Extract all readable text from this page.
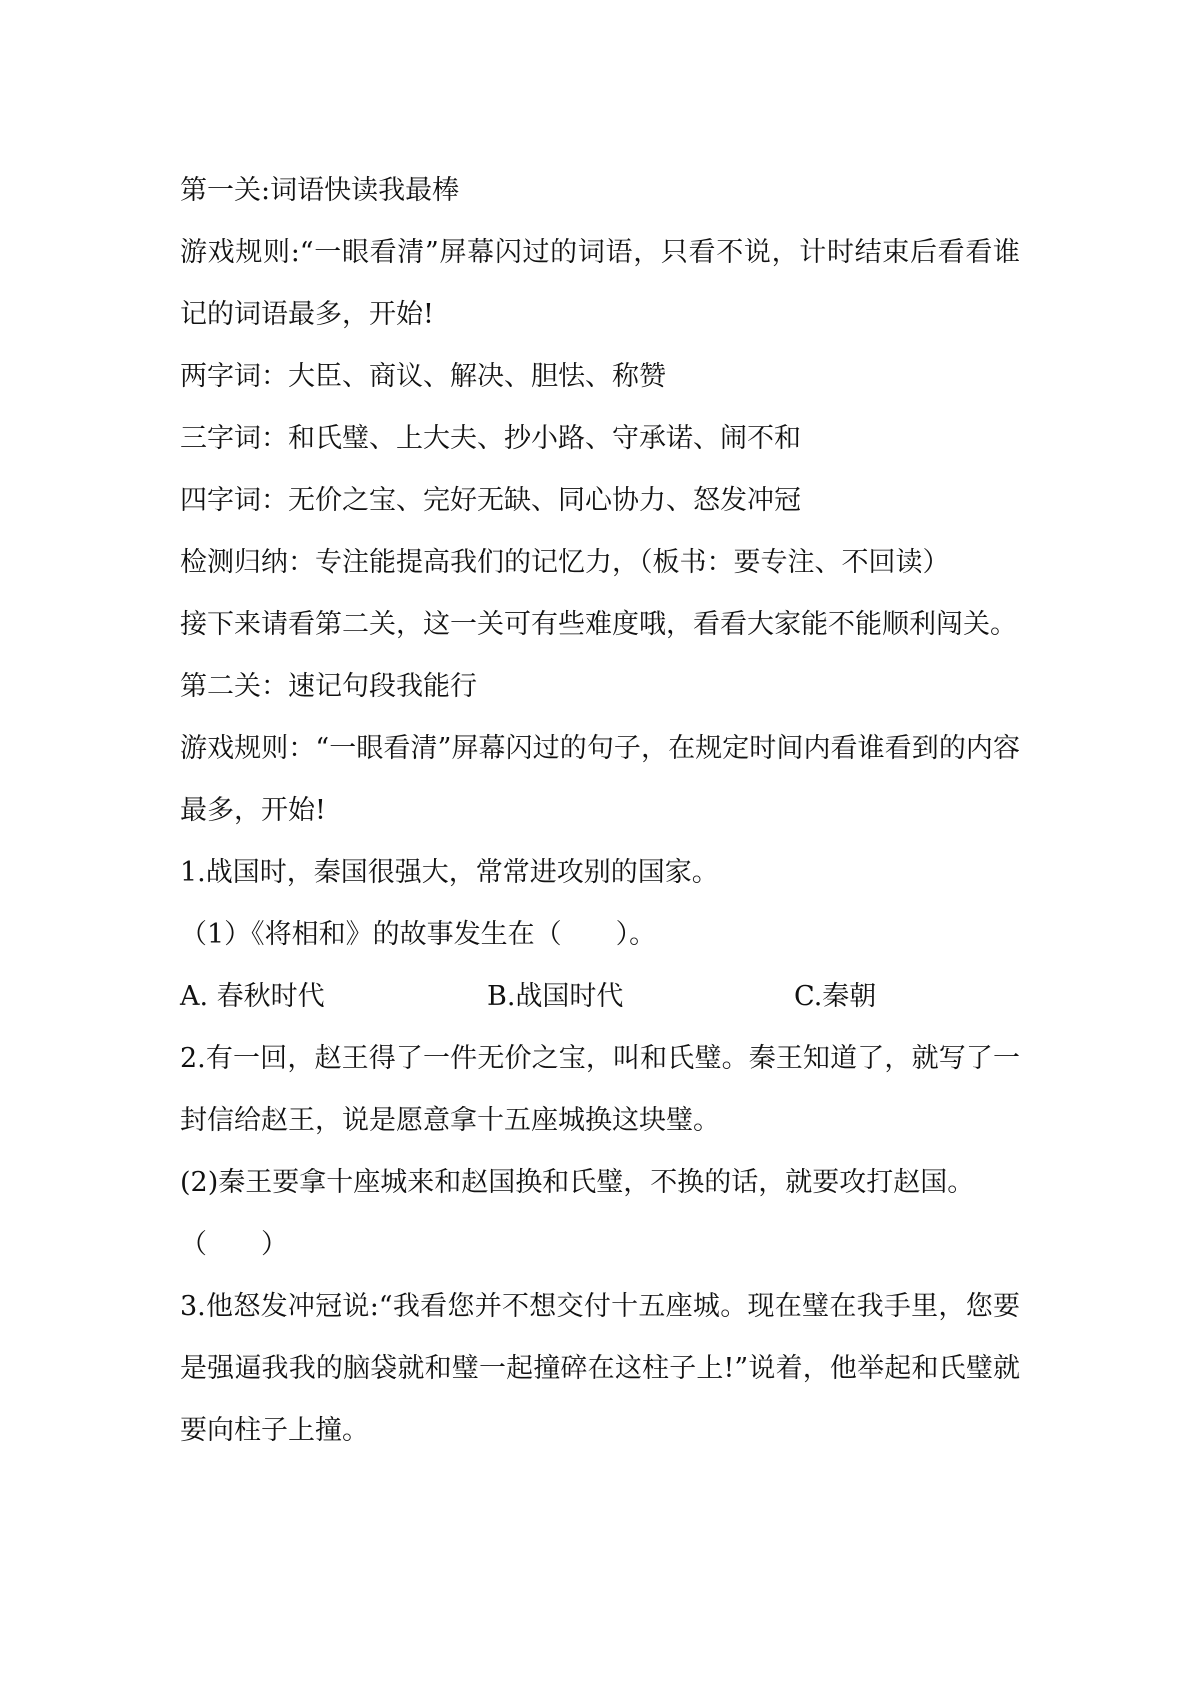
第一关:词语快读我最棒

游戏规则:“一眼看清”屏幕闪过的词语，只看不说，计时结束后看看谁记的词语最多，开始!

两字词：大臣、商议、解决、胆怯、称赞

三字词：和氏璧、上大夫、抄小路、守承诺、闹不和

四字词：无价之宝、完好无缺、同心协力、怒发冲冠

检测归纳：专注能提高我们的记忆力，（板书：要专注、不回读）

接下来请看第二关，这一关可有些难度哦，看看大家能不能顺利闯关。

第二关：速记句段我能行

游戏规则：“一眼看清”屏幕闪过的句子，在规定时间内看谁看到的内容最多，开始!

1.战国时，秦国很强大，常常进攻别的国家。

（1）《将相和》的故事发生在（　　）。

A. 春秋时代	B.战国时代	C.秦朝

2.有一回，赵王得了一件无价之宝，叫和氏璧。秦王知道了，就写了一封信给赵王，说是愿意拿十五座城换这块璧。

(2)秦王要拿十座城来和赵国换和氏璧，不换的话，就要攻打赵国。

（　　）

3.他怒发冲冠说:“我看您并不想交付十五座城。现在璧在我手里，您要是强逼我我的脑袋就和璧一起撞碎在这柱子上!”说着，他举起和氏璧就要向柱子上撞。
